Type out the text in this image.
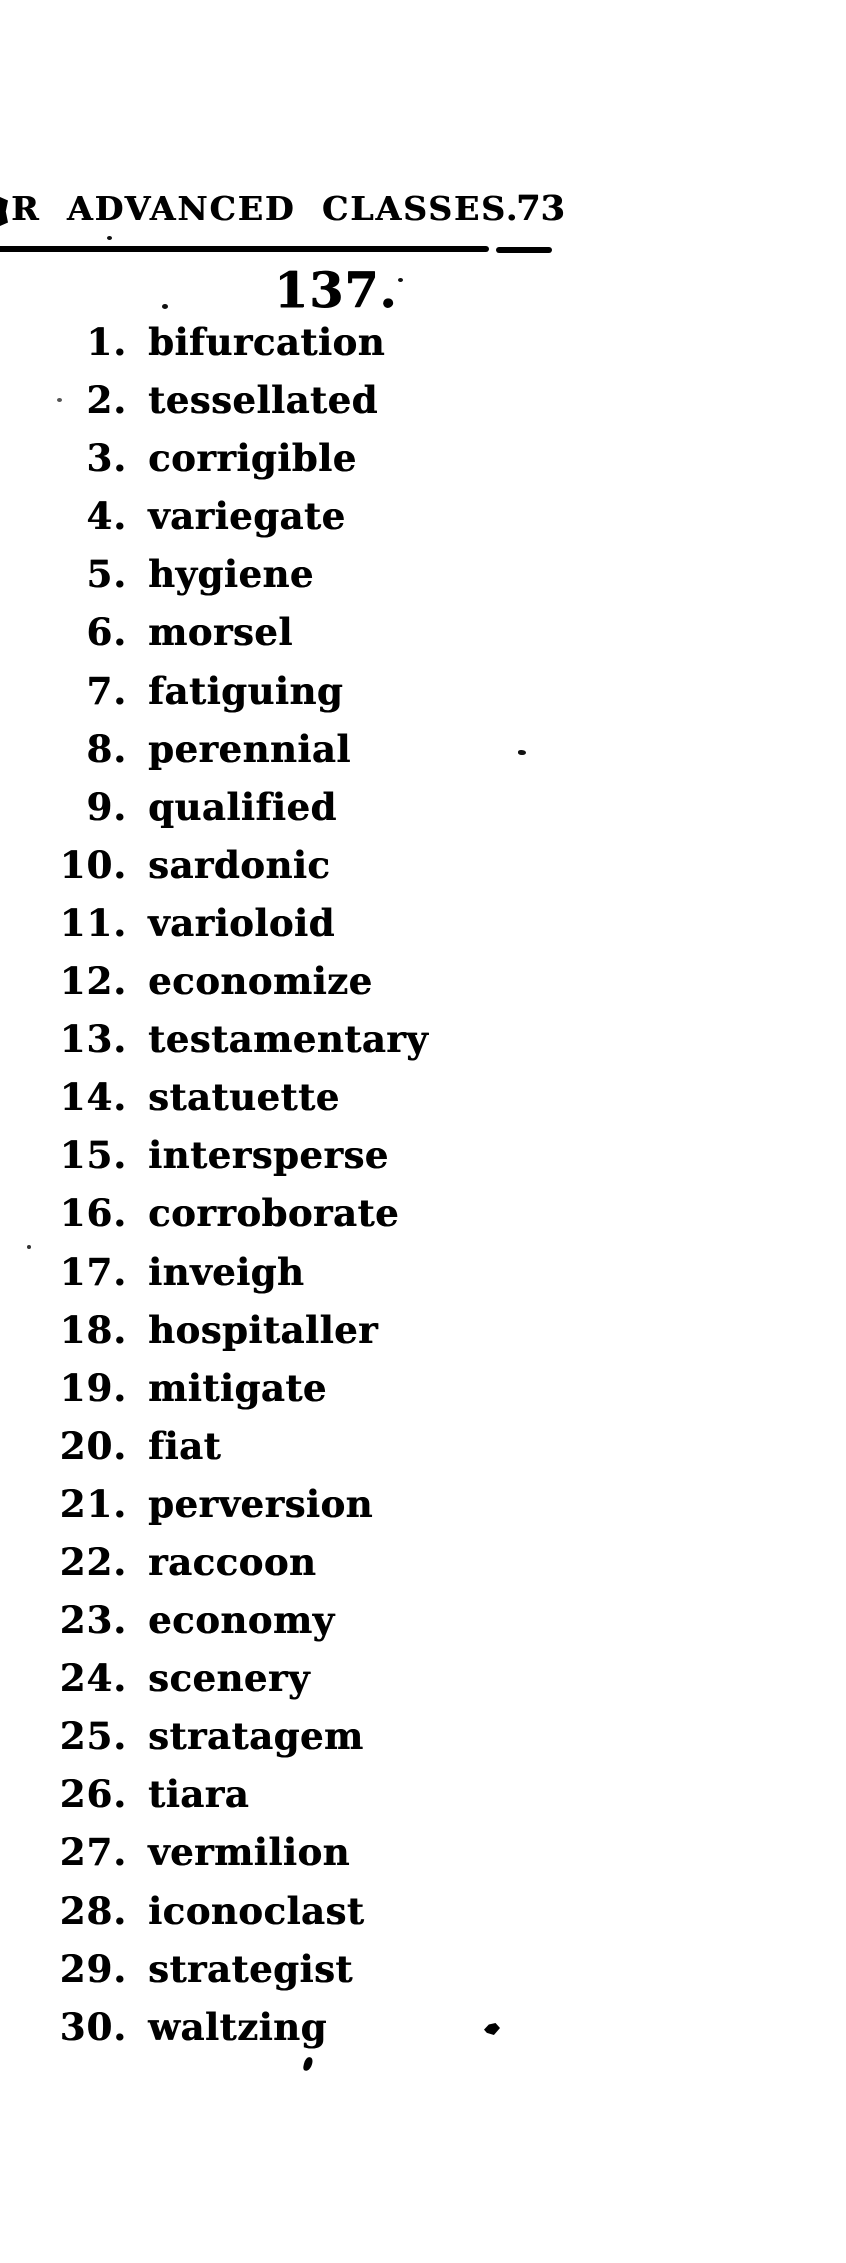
R ADVANCED CLASSES.
73
137.
1. bifurcation
2. tessellated
3. corrigible
4. variegate
5. hygiene
6. morsel
7. fatiguing
8. perennial
9. qualified
10. sardonic
11. varioloid
12. economize
13. testamentary
14. statuette
15. intersperse
16. corroborate
17. inveigh
18. hospitaller
19. mitigate
20. fiat
21. perversion
22. raccoon
23. economy
24. scenery
25. stratagem
26. tiara
27. vermilion
28. iconoclast
29. strategist
30. waltzing
